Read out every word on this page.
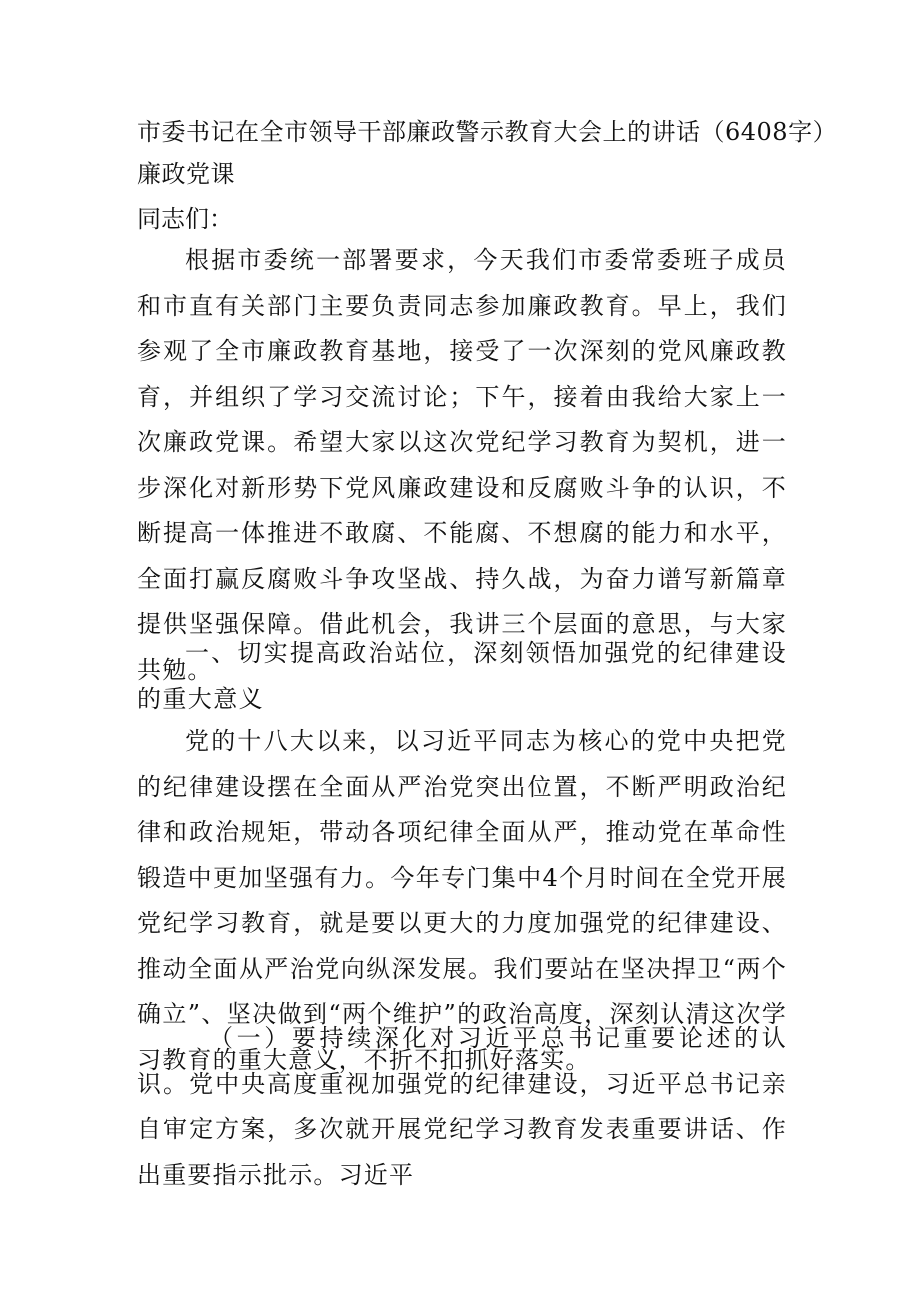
市委书记在全市领导干部廉政警示教育大会上的讲话（6408字）
廉政党课
同志们：

根据市委统一部署要求，今天我们市委常委班子成员和市直有关部门主要负责同志参加廉政教育。早上，我们参观了全市廉政教育基地，接受了一次深刻的党风廉政教育，并组织了学习交流讨论；下午，接着由我给大家上一次廉政党课。希望大家以这次党纪学习教育为契机，进一步深化对新形势下党风廉政建设和反腐败斗争的认识，不断提高一体推进不敢腐、不能腐、不想腐的能力和水平，全面打赢反腐败斗争攻坚战、持久战，为奋力谱写新篇章提供坚强保障。借此机会，我讲三个层面的意思，与大家共勉。

一、切实提高政治站位，深刻领悟加强党的纪律建设的重大意义

党的十八大以来，以习近平同志为核心的党中央把党的纪律建设摆在全面从严治党突出位置，不断严明政治纪律和政治规矩，带动各项纪律全面从严，推动党在革命性锻造中更加坚强有力。今年专门集中4个月时间在全党开展党纪学习教育，就是要以更大的力度加强党的纪律建设、推动全面从严治党向纵深发展。我们要站在坚决捍卫“两个确立”、坚决做到“两个维护”的政治高度，深刻认清这次学习教育的重大意义，不折不扣抓好落实。

（一）要持续深化对习近平总书记重要论述的认识。党中央高度重视加强党的纪律建设，习近平总书记亲自审定方案，多次就开展党纪学习教育发表重要讲话、作出重要指示批示。习近平
